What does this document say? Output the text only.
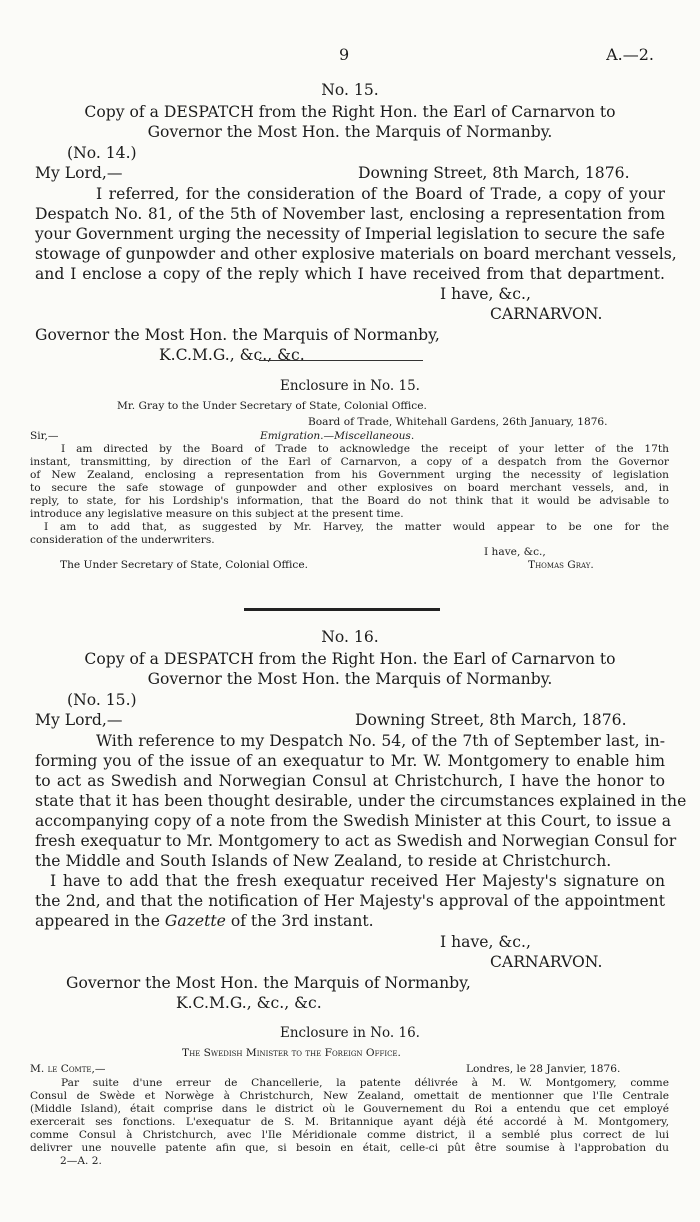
9	A.—2.
No. 15.
Copy of a DESPATCH from the Right Hon. the Earl of Carnarvon to
Governor the Most Hon. the Marquis of Normanby.
(No. 14.)
My Lord,—	Downing Street, 8th March, 1876.
I referred, for the consideration of the Board of Trade, a copy of your
Despatch No. 81, of the 5th of November last, enclosing a representation from
your Government urging the necessity of Imperial legislation to secure the safe
stowage of gunpowder and other explosive materials on board merchant vessels,
and I enclose a copy of the reply which I have received from that department.
I have, &c.,
CARNARVON.
Governor the Most Hon. the Marquis of Normanby,
K.C.M.G., &c., &c.
Enclosure in No. 15.
Mr. Gray to the Under Secretary of State, Colonial Office.
Board of Trade, Whitehall Gardens, 26th January, 1876.
Sir,—	Emigration.—Miscellaneous.
I am directed by the Board of Trade to acknowledge the receipt of your letter of the 17th
instant, transmitting, by direction of the Earl of Carnarvon, a copy of a despatch from the Governor
of New Zealand, enclosing a representation from his Government urging the necessity of legislation
to secure the safe stowage of gunpowder and other explosives on board merchant vessels, and, in
reply, to state, for his Lordship's information, that the Board do not think that it would be advisable to
introduce any legislative measure on this subject at the present time.
I am to add that, as suggested by Mr. Harvey, the matter would appear to be one for the
consideration of the underwriters.
I have, &c.,
The Under Secretary of State, Colonial Office.	Thomas Gray.
No. 16.
Copy of a DESPATCH from the Right Hon. the Earl of Carnarvon to
Governor the Most Hon. the Marquis of Normanby.
(No. 15.)
My Lord,—	Downing Street, 8th March, 1876.
With reference to my Despatch No. 54, of the 7th of September last, in-
forming you of the issue of an exequatur to Mr. W. Montgomery to enable him
to act as Swedish and Norwegian Consul at Christchurch, I have the honor to
state that it has been thought desirable, under the circumstances explained in the
accompanying copy of a note from the Swedish Minister at this Court, to issue a
fresh exequatur to Mr. Montgomery to act as Swedish and Norwegian Consul for
the Middle and South Islands of New Zealand, to reside at Christchurch.
I have to add that the fresh exequatur received Her Majesty's signature on
the 2nd, and that the notification of Her Majesty's approval of the appointment
appeared in the Gazette of the 3rd instant.
I have, &c.,
CARNARVON.
Governor the Most Hon. the Marquis of Normanby,
K.C.M.G., &c., &c.
Enclosure in No. 16.
The Swedish Minister to the Foreign Office.
M. le Comte,—	Londres, le 28 Janvier, 1876.
Par suite d'une erreur de Chancellerie, la patente délivrée à M. W. Montgomery, comme
Consul de Swède et Norwège à Christchurch, New Zealand, omettait de mentionner que l'Ile Centrale
(Middle Island), était comprise dans le district où le Gouvernement du Roi a entendu que cet employé
exercerait ses fonctions. L'exequatur de S. M. Britannique ayant déjà été accordé à M. Montgomery,
comme Consul à Christchurch, avec l'Ile Méridionale comme district, il a semblé plus correct de lui
delivrer une nouvelle patente afin que, si besoin en était, celle-ci pût être soumise à l'approbation du
2—A. 2.
